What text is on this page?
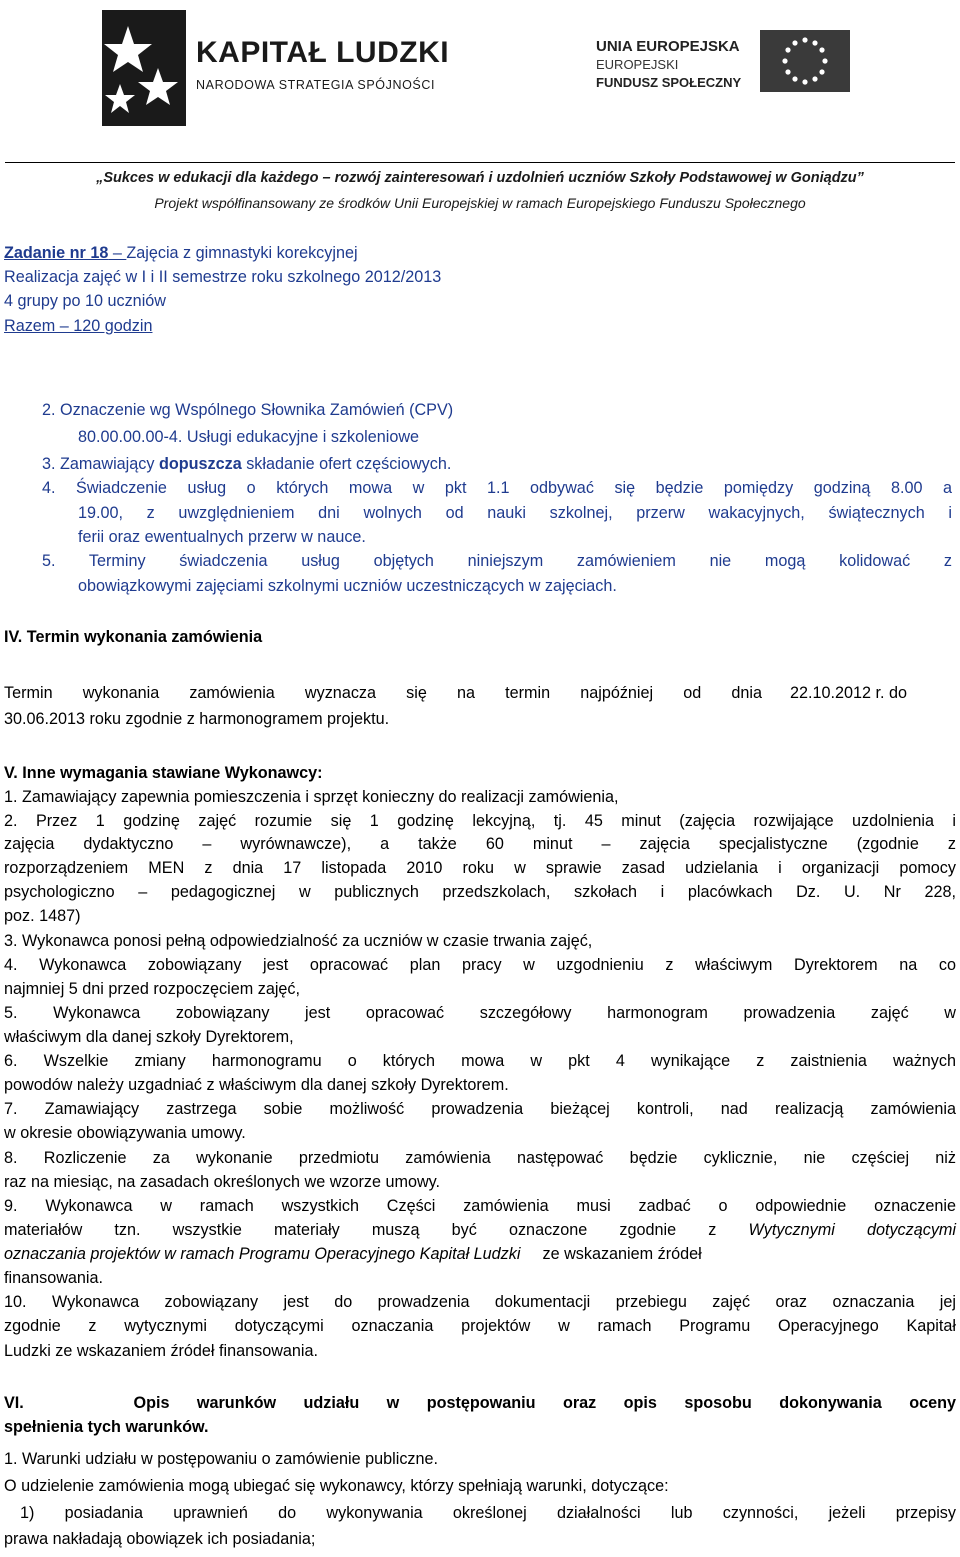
KAPITAŁ LUDZKI
NARODOWA STRATEGIA SPÓJNOŚCI
UNIA EUROPEJSKA
EUROPEJSKI
FUNDUSZ SPOŁECZNY
„Sukces w edukacji dla każdego – rozwój zainteresowań i uzdolnień uczniów Szkoły Podstawowej w Goniądzu”
Projekt współfinansowany ze środków Unii Europejskiej w ramach Europejskiego Funduszu Społecznego
Zadanie nr 18 – Zajęcia z gimnastyki korekcyjnej
Realizacja zajęć w I i II semestrze roku szkolnego 2012/2013
4 grupy po 10 uczniów
Razem – 120 godzin
2. Oznaczenie wg Wspólnego Słownika Zamówień (CPV)
80.00.00.00-4. Usługi edukacyjne i szkoleniowe
3. Zamawiający dopuszcza składanie ofert częściowych.
4. Świadczenie usług o których mowa w pkt 1.1 odbywać się będzie pomiędzy godziną 8.00 a
19.00, z uwzględnieniem dni wolnych od nauki szkolnej, przerw wakacyjnych, świątecznych i
ferii oraz ewentualnych przerw w nauce.
5. Terminy świadczenia usług objętych niniejszym zamówieniem nie mogą kolidować z
obowiązkowymi zajęciami szkolnymi uczniów uczestniczących w zajęciach.
IV. Termin wykonania zamówienia
Termin wykonania zamówienia wyznacza się na termin najpóźniej od dnia 22.10.2012 r. do
30.06.2013 roku zgodnie z harmonogramem projektu.
V. Inne wymagania stawiane Wykonawcy:
1. Zamawiający zapewnia pomieszczenia i sprzęt konieczny do realizacji zamówienia,
2. Przez 1 godzinę zajęć rozumie się 1 godzinę lekcyjną, tj. 45 minut (zajęcia rozwijające uzdolnienia i
zajęcia dydaktyczno – wyrównawcze), a także 60 minut – zajęcia specjalistyczne (zgodnie z
rozporządzeniem MEN z dnia 17 listopada 2010 roku w sprawie zasad udzielania i organizacji pomocy
psychologiczno – pedagogicznej w publicznych przedszkolach, szkołach i placówkach Dz. U. Nr 228,
poz. 1487)
3. Wykonawca ponosi pełną odpowiedzialność za uczniów w czasie trwania zajęć,
4. Wykonawca zobowiązany jest opracować plan pracy w uzgodnieniu z właściwym Dyrektorem na co
najmniej 5 dni przed rozpoczęciem zajęć,
5. Wykonawca zobowiązany jest opracować szczegółowy harmonogram prowadzenia zajęć w
właściwym dla danej szkoły Dyrektorem,
6. Wszelkie zmiany harmonogramu o których mowa w pkt 4 wynikające z zaistnienia ważnych
powodów należy uzgadniać z właściwym dla danej szkoły Dyrektorem.
7. Zamawiający zastrzega sobie możliwość prowadzenia bieżącej kontroli, nad realizacją zamówienia
w okresie obowiązywania umowy.
8. Rozliczenie za wykonanie przedmiotu zamówienia następować będzie cyklicznie, nie częściej niż
raz na miesiąc, na zasadach określonych we wzorze umowy.
9. Wykonawca w ramach wszystkich Części zamówienia musi zadbać o odpowiednie oznaczenie
materiałów tzn. wszystkie materiały muszą być oznaczone zgodnie z Wytycznymi dotyczącymi
oznaczania projektów w ramach Programu Operacyjnego Kapitał Ludzki ze wskazaniem źródeł
finansowania.
10. Wykonawca zobowiązany jest do prowadzenia dokumentacji przebiegu zajęć oraz oznaczania jej
zgodnie z wytycznymi dotyczącymi oznaczania projektów w ramach Programu Operacyjnego Kapitał
Ludzki ze wskazaniem źródeł finansowania.
VI.    Opis warunków udziału w postępowaniu oraz opis sposobu dokonywania oceny
spełnienia tych warunków.
1. Warunki udziału w postępowaniu o zamówienie publiczne.
O udzielenie zamówienia mogą ubiegać się wykonawcy, którzy spełniają warunki, dotyczące:
1) posiadania uprawnień do wykonywania określonej działalności lub czynności, jeżeli przepisy
prawa nakładają obowiązek ich posiadania;
